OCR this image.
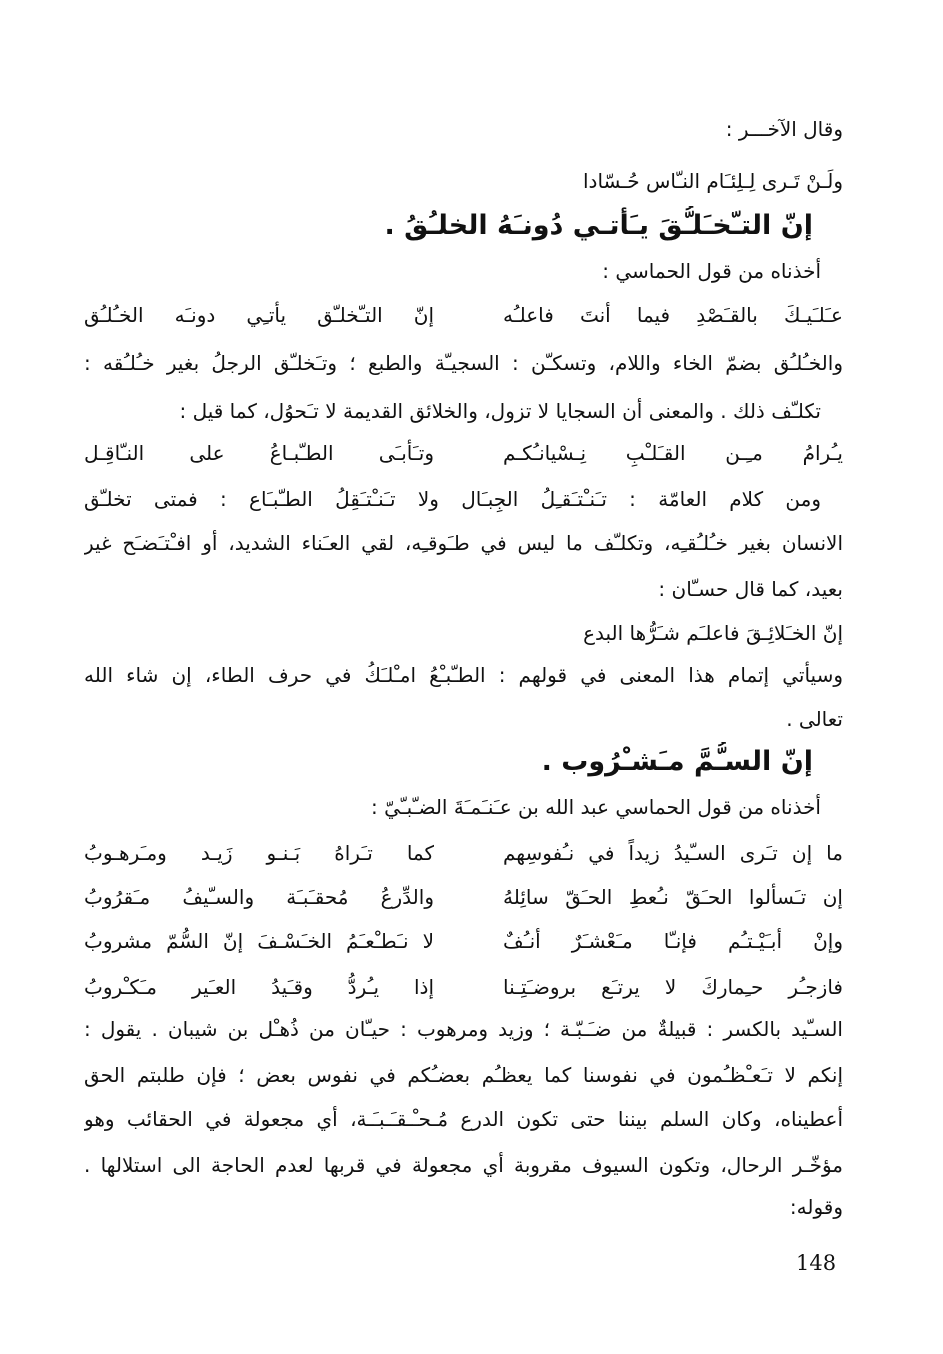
وقال الآخـــر :
ولَـنْ تَـرى لِـلِئـَام النـّاس حُـسّادا
إنّ التـّخـَلـُّقَ يـَأتـي دُونـَهُ الخلـُقُ .
أخذناه من قول الحماسي :
عـَلـَيـكَ بالقـَصْدِ فيما أنتَ فاعلـُه
إنّ التـّخلـّق يأتـِي دونـَه الخـُلـُق
والخـُلـُق بضمّ الخاء واللام، وتسكـّن : السجيـّة والطبع ؛ وتـَخلـّق الرجلُ بغير خـُلـُقه :
تكلـّف ذلك . والمعنى أن السجايا لا تزول، والخلائق القديمة لا تـَحوُل، كما قيل :
يـُرامُ مـِـن القـَلـْبِ نِـسْيانـُكـم
وتـَأبـَى الطـّبـاعُ على النـّاقِـل
ومن كلام العامّة : تـَنـْتـَقـِلُ الجِبـَال ولا تـَنـْتـَقِلُ الطـّبـَاع : فمتى تخلـّق
الانسان بغير خـُلـُقـِه، وتكلـّف ما ليس في طـَوقـِه، لقي العـَناء الشديد، أو افـْتـَضـَح غير
بعيد، كما قال حسـّان :
إنّ الخـَلائِـقَ فاعلـَم شـَرُّها البدع
وسيأتي إتمام هذا المعنى في قولهم : الطـّبـْعُ امـْلـَكُ في حرف الطاء، إن شاء الله
تعالى .
إنّ السـُّمَّ مـَشـْرُوب .
أخذناه من قول الحماسي عبد الله بن عـَنـَمـَةَ الضـّبـّيّ :
ما إن تـَرى السـّيدُ زيداً في نـُفوسِهم
كما تـَراهُ بَـنـو زَيـد ومـَرهـوبُ
إن تـَسألوا الحـَقّ نـُعطِ الحـَقّ سائِلهُ
والدِّرعُ مُحقـَبـَة والسـّيفُ مـَقرُوبُ
وإنْ أبـَيْـتـُم فإنـّا مـَعْشـَرٌ أنـُفٌ
لا نـَطـْعـَمُ الخـَسْـفَ إنّ السُّمّ مشروبُ
فازجـُر حـِماركَ لا يرتـَع بروضـَتِـنا
إذا يـُردُّ وقـَيدُ العـَير مـَكـْروبُ
السـّيد بالكسر : قبيلةٌ من ضـَـبّـة ؛ وزيد ومرهوب : حيـّان من ذُهـْل بن شيبان . يقول :
إنكم لا تـَعـْظـُمون في نفوسنا كما يعظـُم بعضـُكم في نفوس بعض ؛ فإن طلبتم الحق
أعطيناه، وكان السلم بيننا حتى تكون الدرع مُـحـْـقـَـبـَـة، أي مجعولة في الحقائب وهو
مؤخّـر الرحال، وتكون السيوف مقروبة أي مجعولة في قربها لعدم الحاجة الى استلالها .
وقوله:
148
